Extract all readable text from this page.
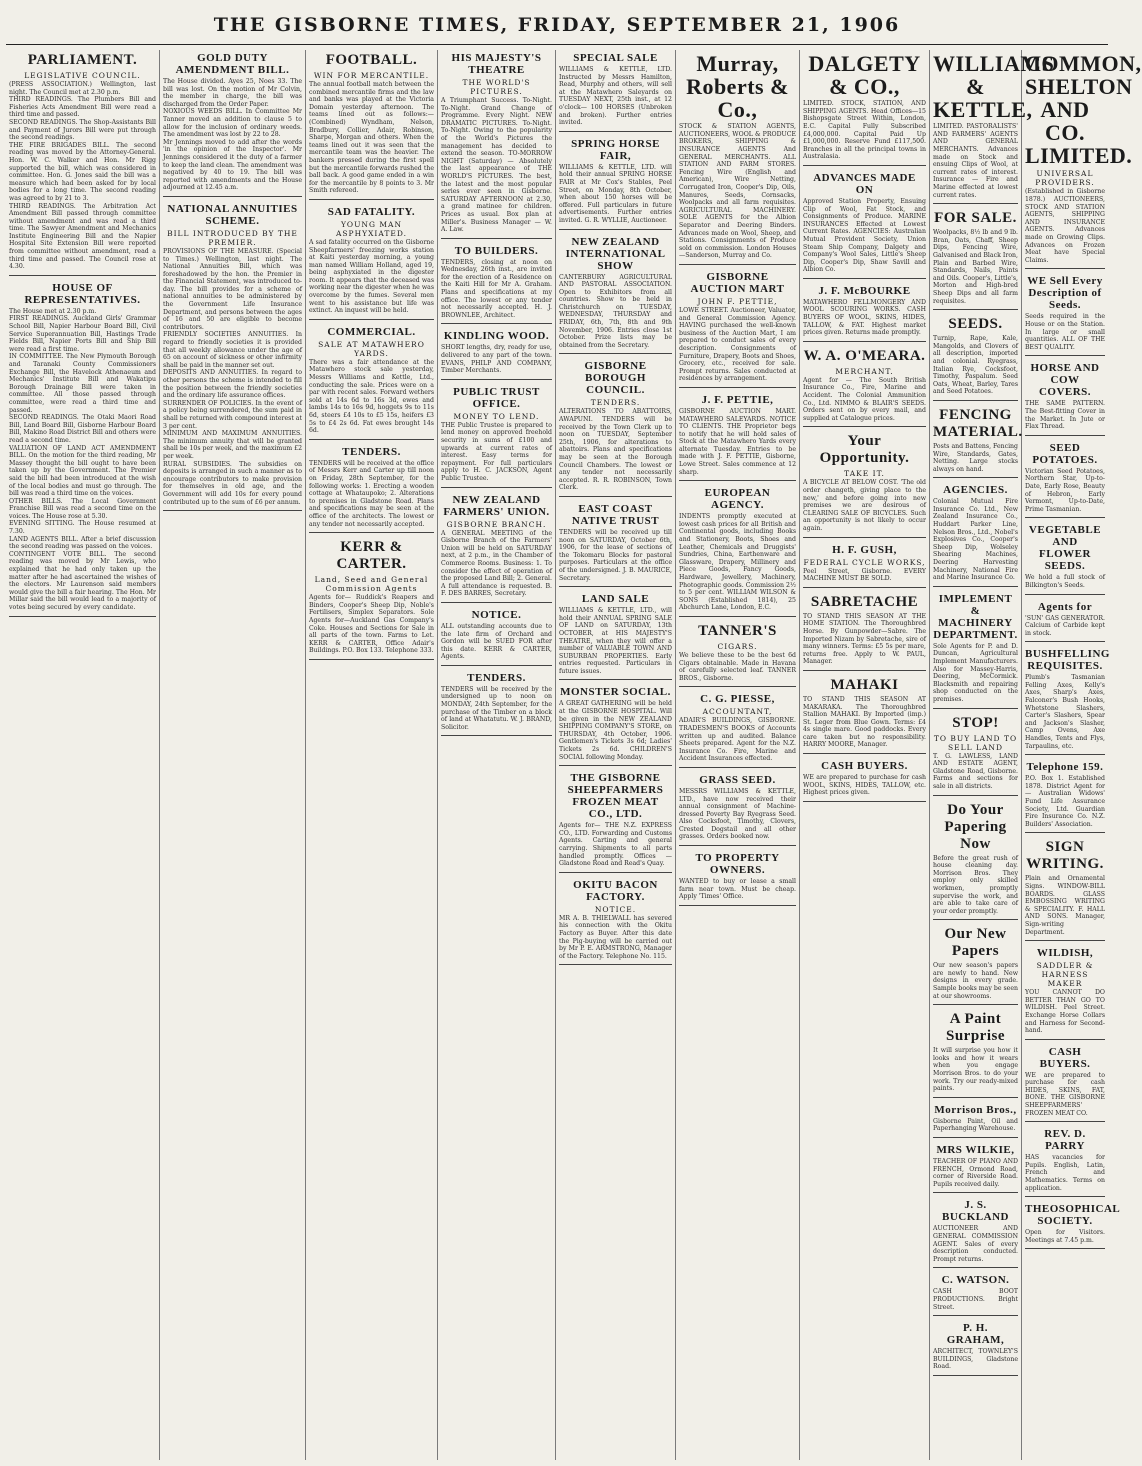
THE GISBORNE TIMES, FRIDAY, SEPTEMBER 21, 1906
PARLIAMENT.
LEGISLATIVE COUNCIL.

(PRESS ASSOCIATION.) Wellington, last night. The Council met at 2.30 p.m.
THIRD READINGS. The Plumbers Bill and Fisheries Acts Amendment Bill were read a third time and passed.
SECOND READINGS. The Shop-Assistants Bill and Payment of Jurors Bill were put through the second readings.
THE FIRE BRIGADES BILL. The second reading was moved by the Attorney-General. Hon. W. C. Walker and Hon. Mr Rigg supported the bill, which was considered in committee. Hon. G. Jones said the bill was a measure which had been asked for by local bodies for a long time. The second reading was agreed to by 21 to 3.
THIRD READINGS. The Arbitration Act Amendment Bill passed through committee without amendment and was read a third time. The Sawyer Amendment and Mechanics Institute Engineering Bill and the Napier Hospital Site Extension Bill were reported from committee without amendment, read a third time and passed. The Council rose at 4.30.

HOUSE OF REPRESENTATIVES.

The House met at 2.30 p.m.
FIRST READINGS. Auckland Girls' Grammar School Bill, Napier Harbour Board Bill, Civil Service Superannuation Bill, Hastings Trade Fields Bill, Napier Ports Bill and Ship Bill were read a first time.
IN COMMITTEE. The New Plymouth Borough and Taranaki County Commissioners Exchange Bill, the Havelock Athenaeum and Mechanics' Institute Bill and Wakatipu Borough Drainage Bill were taken in committee. All those passed through committee, were read a third time and passed.
SECOND READINGS. The Otaki Maori Road Bill, Land Board Bill, Gisborne Harbour Board Bill, Makino Road District Bill and others were read a second time.
VALUATION OF LAND ACT AMENDMENT BILL. On the motion for the third reading, Mr Massey thought the bill ought to have been taken up by the Government. The Premier said the bill had been introduced at the wish of the local bodies and must go through. The bill was read a third time on the voices.
OTHER BILLS. The Local Government Franchise Bill was read a second time on the voices. The House rose at 5.30.
EVENING SITTING. The House resumed at 7.30.
LAND AGENTS BILL. After a brief discussion the second reading was passed on the voices.
CONTINGENT VOTE BILL. The second reading was moved by Mr Lewis, who explained that he had only taken up the matter after he had ascertained the wishes of the electors. Mr Laurenson said members would give the bill a fair hearing. The Hon. Mr Millar said the bill would lead to a majority of votes being secured by every candidate.

GOLD DUTY AMENDMENT BILL.

The House divided. Ayes 25, Noes 33. The bill was lost. On the motion of Mr Colvin, the member in charge, the bill was discharged from the Order Paper.
NOXIOUS WEEDS BILL. In Committee Mr Tanner moved an addition to clause 5 to allow for the inclusion of ordinary weeds. The amendment was lost by 22 to 28.
Mr Jennings moved to add after the words 'in the opinion of the Inspector'. Mr Jennings considered it the duty of a farmer to keep the land clean. The amendment was negatived by 40 to 19. The bill was reported with amendments and the House adjourned at 12.45 a.m.

NATIONAL ANNUITIES SCHEME.
BILL INTRODUCED BY THE PREMIER.

PROVISIONS OF THE MEASURE. (Special to Times.) Wellington, last night. The National Annuities Bill, which was foreshadowed by the hon. the Premier in the Financial Statement, was introduced to-day. The bill provides for a scheme of national annuities to be administered by the Government Life Insurance Department, and persons between the ages of 16 and 50 are eligible to become contributors.
FRIENDLY SOCIETIES ANNUITIES. In regard to friendly societies it is provided that all weekly allowance under the age of 65 on account of sickness or other infirmity shall be paid in the manner set out.
DEPOSITS AND ANNUITIES. In regard to other persons the scheme is intended to fill the position between the friendly societies and the ordinary life assurance offices.
SURRENDER OF POLICIES. In the event of a policy being surrendered, the sum paid in shall be returned with compound interest at 3 per cent.
MINIMUM AND MAXIMUM ANNUITIES. The minimum annuity that will be granted shall be 10s per week, and the maximum £2 per week.
RURAL SUBSIDIES. The subsidies on deposits is arranged in such a manner as to encourage contributors to make provision for themselves in old age, and the Government will add 10s for every pound contributed up to the sum of £6 per annum.

FOOTBALL.
WIN FOR MERCANTILE.

The annual football match between the combined mercantile firms and the law and banks was played at the Victoria Domain yesterday afternoon. The teams lined out as follows:—(Combined) Wyndham, Nelson, Bradbury, Collier, Adair, Robinson, Sharpe, Morgan and others. When the teams lined out it was seen that the mercantile team was the heavier. The bankers pressed during the first spell but the mercantile forwards rushed the ball back. A good game ended in a win for the mercantile by 8 points to 3. Mr Smith refereed.

SAD FATALITY.
YOUNG MAN ASPHYXIATED.

A sad fatality occurred on the Gisborne Sheepfarmers' freezing works station at Kaiti yesterday morning, a young man named William Holland, aged 19, being asphyxiated in the digester room. It appears that the deceased was working near the digester when he was overcome by the fumes. Several men went to his assistance but life was extinct. An inquest will be held.

COMMERCIAL.
SALE AT MATAWHERO YARDS.

There was a fair attendance at the Matawhero stock sale yesterday, Messrs Williams and Kettle, Ltd., conducting the sale. Prices were on a par with recent sales. Forward wethers sold at 14s 6d to 16s 3d, ewes and lambs 14s to 16s 9d, hoggets 9s to 11s 6d, steers £4 10s to £5 15s, heifers £3 5s to £4 2s 6d. Fat ewes brought 14s 6d.

TENDERS.

TENDERS will be received at the office of Messrs Kerr and Carter up till noon on Friday, 28th September, for the following works: 1. Erecting a wooden cottage at Whataupoko; 2. Alterations to premises in Gladstone Road. Plans and specifications may be seen at the office of the architects. The lowest or any tender not necessarily accepted.

KERR & CARTER.
Land, Seed and General Commission Agents

Agents for— Ruddick's Reapers and Binders, Cooper's Sheep Dip, Noble's Fertilisers, Simplex Separators. Sole Agents for—Auckland Gas Company's Coke. Houses and Sections for Sale in all parts of the town. Farms to Let. KERR & CARTER, Office Adair's Buildings. P.O. Box 133. Telephone 333.

HIS MAJESTY'S THEATRE
THE WORLD'S PICTURES.

A Triumphant Success. To-Night. To-Night. Grand Change of Programme. Every Night. NEW DRAMATIC PICTURES. To-Night. To-Night. Owing to the popularity of the World's Pictures the management has decided to extend the season. TO-MORROW NIGHT (Saturday) — Absolutely the last appearance of THE WORLD'S PICTURES. The best, the latest and the most popular series ever seen in Gisborne. SATURDAY AFTERNOON at 2.30, a grand matinee for children. Prices as usual. Box plan at Miller's. Business Manager — W. A. Law.

TO BUILDERS.

TENDERS, closing at noon on Wednesday, 26th inst., are invited for the erection of a Residence on the Kaiti Hill for Mr A. Graham. Plans and specifications at my office. The lowest or any tender not necessarily accepted. H. J. BROWNLEE, Architect.

KINDLING WOOD.

SHORT lengths, dry, ready for use, delivered to any part of the town. EVANS, PHILP AND COMPANY, Timber Merchants.

PUBLIC TRUST OFFICE.
MONEY TO LEND.

THE Public Trustee is prepared to lend money on approved freehold security in sums of £100 and upwards at current rates of interest. Easy terms for repayment. For full particulars apply to H. C. JACKSON, Agent Public Trustee.

NEW ZEALAND FARMERS' UNION.
GISBORNE BRANCH.

A GENERAL MEETING of the Gisborne Branch of the Farmers' Union will be held on SATURDAY next, at 2 p.m., in the Chamber of Commerce Rooms. Business: 1. To consider the effect of operation of the proposed Land Bill; 2. General. A full attendance is requested. B. F. DES BARRES, Secretary.

NOTICE.

ALL outstanding accounts due to the late firm of Orchard and Gordon will be SUED FOR after this date. KERR & CARTER, Agents.

TENDERS.

TENDERS will be received by the undersigned up to noon on MONDAY, 24th September, for the purchase of the Timber on a block of land at Whatatutu. W. J. BRAND, Solicitor.

SPECIAL SALE

WILLIAMS & KETTLE, LTD. Instructed by Messrs Hamilton, Read, Murphy and others, will sell at the Matawhero Saleyards on TUESDAY NEXT, 25th inst., at 12 o'clock— 100 HORSES (Unbroken and broken). Further entries invited.

SPRING HORSE FAIR,

WILLIAMS & KETTLE, LTD. will hold their annual SPRING HORSE FAIR at Mr Cox's Stables, Peel Street, on Monday, 8th October, when about 150 horses will be offered. Full particulars in future advertisements. Further entries invited. G. R. WYLLIE, Auctioneer.

NEW ZEALAND INTERNATIONAL SHOW

CANTERBURY AGRICULTURAL AND PASTORAL ASSOCIATION. Open to Exhibitors from all countries. Show to be held in Christchurch on TUESDAY, WEDNESDAY, THURSDAY and FRIDAY, 6th, 7th, 8th and 9th November, 1906. Entries close 1st October. Prize lists may be obtained from the Secretary.

GISBORNE BOROUGH COUNCIL.
TENDERS.

ALTERATIONS TO ABATTOIRS, AWAPUNI. TENDERS will be received by the Town Clerk up to noon on TUESDAY, September 25th, 1906, for alterations to abattoirs. Plans and specifications may be seen at the Borough Council Chambers. The lowest or any tender not necessarily accepted. R. R. ROBINSON, Town Clerk.

EAST COAST NATIVE TRUST

TENDERS will be received up till noon on SATURDAY, October 6th, 1906, for the lease of sections of the Tokomaru Blocks for pastoral purposes. Particulars at the office of the undersigned. J. B. MAURICE, Secretary.

LAND SALE

WILLIAMS & KETTLE, LTD., will hold their ANNUAL SPRING SALE OF LAND on SATURDAY, 13th OCTOBER, at HIS MAJESTY'S THEATRE, when they will offer a number of VALUABLE TOWN AND SUBURBAN PROPERTIES. Early entries requested. Particulars in future issues.

MONSTER SOCIAL.

A GREAT GATHERING will be held at the GISBORNE HOSPITAL. Will be given in the NEW ZEALAND SHIPPING COMPANY'S STORE, on THURSDAY, 4th October, 1906. Gentlemen's Tickets 3s 6d; Ladies' Tickets 2s 6d. CHILDREN'S SOCIAL following Monday.

THE GISBORNE SHEEPFARMERS FROZEN MEAT CO., LTD.

Agents for— THE N.Z. EXPRESS CO., LTD. Forwarding and Customs Agents. Carting and general carrying. Shipments to all parts handled promptly. Offices — Gladstone Road and Read's Quay.

OKITU BACON FACTORY.
NOTICE.

MR A. B. THIELWALL has severed his connection with the Okitu Factory as Buyer. After this date the Pig-buying will be carried out by Mr P. E. ARMSTRONG, Manager of the Factory. Telephone No. 115.

Murray, Roberts & Co.,

STOCK & STATION AGENTS, AUCTIONEERS, WOOL & PRODUCE BROKERS, SHIPPING & INSURANCE AGENTS And GENERAL MERCHANTS. ALL STATION AND FARM STORES. Fencing Wire (English and American), Wire Netting, Corrugated Iron, Cooper's Dip, Oils, Manures, Seeds, Cornsacks, Woolpacks and all farm requisites. AGRICULTURAL MACHINERY. SOLE AGENTS for the Albion Separator and Deering Binders. Advances made on Wool, Sheep, and Stations. Consignments of Produce sold on commission. London Houses—Sanderson, Murray and Co.

GISBORNE AUCTION MART
JOHN F. PETTIE,

LOWE STREET. Auctioneer, Valuator, and General Commission Agency. HAVING purchased the well-known business of the Auction Mart, I am prepared to conduct sales of every description. Consignments of Furniture, Drapery, Boots and Shoes, Grocery, etc., received for sale. Prompt returns. Sales conducted at residences by arrangement.

J. F. PETTIE,

GISBORNE AUCTION MART. MATAWHERO SALEYARDS. NOTICE TO CLIENTS. THE Proprietor begs to notify that he will hold sales of Stock at the Matawhero Yards every alternate Tuesday. Entries to be made with J. F. PETTIE, Gisborne, Lowe Street. Sales commence at 12 sharp.

EUROPEAN AGENCY.

INDENTS promptly executed at lowest cash prices for all British and Continental goods, including Books and Stationery, Boots, Shoes and Leather, Chemicals and Druggists' Sundries, China, Earthenware and Glassware, Drapery, Millinery and Piece Goods, Fancy Goods, Hardware, Jewellery, Machinery, Photographic goods. Commission 2½ to 5 per cent. WILLIAM WILSON & SONS (Established 1814), 25 Abchurch Lane, London, E.C.

TANNER'S
CIGARS.

We believe these to be the best 6d Cigars obtainable. Made in Havana of carefully selected leaf. TANNER BROS., Gisborne.

C. G. PIESSE,
ACCOUNTANT,

ADAIR'S BUILDINGS, GISBORNE. TRADESMEN'S BOOKS of Accounts written up and audited. Balance Sheets prepared. Agent for the N.Z. Insurance Co. Fire, Marine and Accident Insurances effected.

GRASS SEED.

MESSRS WILLIAMS & KETTLE, LTD., have now received their annual consignment of Machine-dressed Poverty Bay Ryegrass Seed. Also Cocksfoot, Timothy, Clovers, Crested Dogstail and all other grasses. Orders booked now.

TO PROPERTY OWNERS.

WANTED to buy or lease a small farm near town. Must be cheap. Apply 'Times' Office.

DALGETY & CO.,

LIMITED. STOCK, STATION, AND SHIPPING AGENTS. Head Offices—15 Bishopsgate Street Within, London, E.C. Capital Fully Subscribed £4,000,000. Capital Paid Up £1,000,000. Reserve Fund £117,500. Branches in all the principal towns in Australasia.

ADVANCES MADE ON

Approved Station Property, Ensuing Clip of Wool, Fat Stock, and Consignments of Produce. MARINE INSURANCES Effected at Lowest Current Rates. AGENCIES: Australian Mutual Provident Society, Union Steam Ship Company, Dalgety and Company's Wool Sales, Little's Sheep Dip, Cooper's Dip, Shaw Savill and Albion Co.

J. F. McBOURKE

MATAWHERO FELLMONGERY AND WOOL SCOURING WORKS. CASH BUYERS OF WOOL, SKINS, HIDES, TALLOW, & FAT. Highest market prices given. Returns made promptly.

W. A. O'MEARA.
MERCHANT.

Agent for — The South British Insurance Co., Fire, Marine and Accident. The Colonial Ammunition Co., Ltd. NIMMO & BLAIR'S SEEDS. Orders sent on by every mail, and supplied at Catalogue prices.

Your Opportunity.
TAKE IT.

A BICYCLE AT BELOW COST. 'The old order changeth, giving place to the new,' and before going into new premises we are desirous of CLEARING SALE OF BICYCLES. Such an opportunity is not likely to occur again.

H. F. GUSH,
FEDERAL CYCLE WORKS,

Peel Street, Gisborne. EVERY MACHINE MUST BE SOLD.

SABRETACHE

TO STAND THIS SEASON AT THE HOME STATION. The Thoroughbred Horse. By Gunpowder—Sabre. The Imported Nizam by Sabretache, sire of many winners. Terms: £5 5s per mare, returns free. Apply to W. PAUL, Manager.

MAHAKI

TO STAND THIS SEASON AT MAKARAKA. The Thoroughbred Stallion MAHAKI. By Imported (imp.) St. Leger from Blue Gown. Terms: £4 4s single mare. Good paddocks. Every care taken but no responsibility. HARRY MOORE, Manager.

CASH BUYERS.

WE are prepared to purchase for cash WOOL, SKINS, HIDES, TALLOW, etc. Highest prices given.

WILLIAMS & KETTLE,

LIMITED. PASTORALISTS' AND FARMERS' AGENTS AND GENERAL MERCHANTS. Advances made on Stock and ensuing Clips of Wool, at current rates of interest. Insurance — Fire and Marine effected at lowest current rates.

FOR SALE.

Woolpacks, 8½ lb and 9 lb. Bran, Oats, Chaff, Sheep Dips, Fencing Wire, Galvanised and Black Iron, Plain and Barbed Wire, Standards, Nails, Paints and Oils. Cooper's, Little's, Morton and High-bred Sheep Dips and all farm requisites.

SEEDS.

Turnip, Rape, Kale, Mangolds, and Clovers of all description, imported and colonial. Ryegrass, Italian Rye, Cocksfoot, Timothy, Paspalum. Seed Oats, Wheat, Barley, Tares and Seed Potatoes.

FENCING MATERIAL.

Posts and Battens, Fencing Wire, Standards, Gates, Netting. Large stocks always on hand.

AGENCIES.

Colonial Mutual Fire Insurance Co. Ltd., New Zealand Insurance Co., Huddart Parker Line, Nelson Bros., Ltd., Nobel's Explosives Co., Cooper's Sheep Dip, Wolseley Shearing Machines, Deering Harvesting Machinery, National Fire and Marine Insurance Co.

IMPLEMENT & MACHINERY DEPARTMENT.

Sole Agents for P. and D. Duncan, Agricultural Implement Manufacturers. Also for Massey-Harris, Deering, McCormick. Blacksmith and repairing shop conducted on the premises.

STOP!
TO BUY LAND TO SELL LAND

T. G. LAWLESS, LAND AND ESTATE AGENT, Gladstone Road, Gisborne. Farms and sections for sale in all districts.

Do Your Papering Now

Before the great rush of house cleaning day. Morrison Bros. They employ only skilled workmen, promptly supervise the work, and are able to take care of your order promptly.

Our New Papers

Our new season's papers are newly to hand. New designs in every grade. Sample books may be seen at our showrooms.

A Paint Surprise

It will surprise you how it looks and how it wears when you engage Morrison Bros. to do your work. Try our ready-mixed paints.

Morrison Bros.,

Gisborne Paint, Oil and Paperhanging Warehouse.

MRS WILKIE,

TEACHER OF PIANO AND FRENCH, Ormond Road, corner of Riverside Road. Pupils received daily.

J. S. BUCKLAND

AUCTIONEER AND GENERAL COMMISSION AGENT. Sales of every description conducted. Prompt returns.

C. WATSON.

CASH BOOT PRODUCTIONS. Bright Street.

P. H. GRAHAM,

ARCHITECT, TOWNLEY'S BUILDINGS, Gladstone Road.

COMMON, SHELTON AND CO. LIMITED.
UNIVERSAL PROVIDERS.

(Established in Gisborne 1878.) AUCTIONEERS, STOCK AND STATION AGENTS, SHIPPING AND INSURANCE AGENTS. Advances made on Growing Clips. Advances on Frozen Meat have Special Claims.

WE Sell Every Description of Seeds.

Seeds required in the House or on the Station. In large or small quantities. ALL OF THE BEST QUALITY.

HORSE AND COW COVERS.

THE SAME PATTERN. The Best-fitting Cover in the Market. In Jute or Flax Thread.

SEED POTATOES.

Victorian Seed Potatoes, Northern Star, Up-to-Date, Early Rose, Beauty of Hebron, Early Vermont, Up-to-Date, Prime Tasmanian.

VEGETABLE AND FLOWER SEEDS.

We hold a full stock of Bilkington's Seeds.

Agents for

'SUN' GAS GENERATOR. Calcium of Carbide kept in stock.

BUSHFELLING REQUISITES.

Plumb's Tasmanian Felling Axes, Kelly's Axes, Sharp's Axes, Falconer's Bush Hooks, Whetstone Slashers, Carter's Slashers, Spear and Jackson's Slasher, Camp Ovens, Axe Handles, Tents and Flys, Tarpaulins, etc.

Telephone 159.

P.O. Box 1. Established 1878. District Agent for — Australian Widows' Fund Life Assurance Society, Ltd. Guardian Fire Insurance Co. N.Z. Builders' Association.

SIGN WRITING.

Plain and Ornamental Signs. WINDOW-BILL BOARDS. GLASS EMBOSSING WRITING & SPECIALITY. F. HALL AND SONS. Manager, Sign-writing Department.

WILDISH,
SADDLER & HARNESS MAKER

YOU CANNOT DO BETTER THAN GO TO WILDISH. Peel Street. Exchange Horse Collars and Harness for Second-hand.

CASH BUYERS.

WE are prepared to purchase for cash HIDES, SKINS, FAT, BONE. THE GISBORNE SHEEPFARMERS' FROZEN MEAT CO.

REV. D. PARRY

HAS vacancies for Pupils. English, Latin, French and Mathematics. Terms on application.

THEOSOPHICAL SOCIETY.

Open for Visitors. Meetings at 7.45 p.m.
